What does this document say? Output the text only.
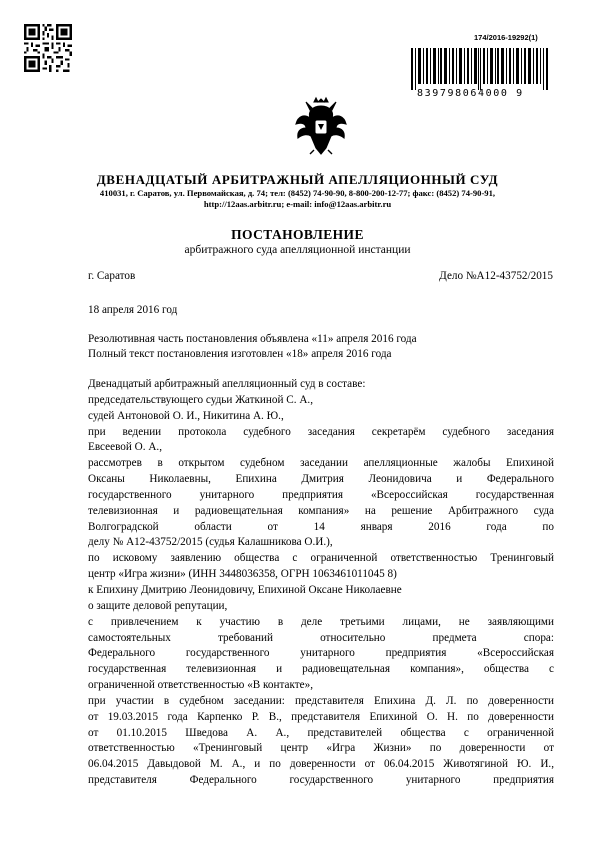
174/2016-19292(1)
839798064000 9
ДВЕНАДЦАТЫЙ АРБИТРАЖНЫЙ АПЕЛЛЯЦИОННЫЙ СУД
410031, г. Саратов, ул. Первомайская, д. 74; тел: (8452) 74-90-90, 8-800-200-12-77; факс: (8452) 74-90-91,
http://12aas.arbitr.ru; e-mail: info@12aas.arbitr.ru
ПОСТАНОВЛЕНИЕ
арбитражного суда апелляционной инстанции
г. Саратов	Дело №А12-43752/2015
18 апреля 2016 год
Резолютивная часть постановления объявлена «11» апреля 2016 года
Полный текст постановления изготовлен «18» апреля 2016 года
Двенадцатый арбитражный апелляционный суд в составе:
председательствующего судьи Жаткиной С. А.,
судей Антоновой О. И., Никитина А. Ю.,
при ведении протокола судебного заседания секретарём судебного заседания
Евсеевой О. А.,
рассмотрев в открытом судебном заседании апелляционные жалобы Епихиной
Оксаны Николаевны, Епихина Дмитрия Леонидовича и Федерального
государственного унитарного предприятия «Всероссийская государственная
телевизионная и радиовещательная компания» на решение Арбитражного суда
Волгоградской области от 14 января 2016 года по
делу № А12-43752/2015 (судья Калашникова О.И.),
по исковому заявлению общества с ограниченной ответственностью Тренинговый
центр «Игра жизни» (ИНН 3448036358, ОГРН 1063461011045 8)
к Епихину Дмитрию Леонидовичу, Епихиной Оксане Николаевне
о защите деловой репутации,
с привлечением к участию в деле третьими лицами, не заявляющими
самостоятельных требований относительно предмета спора:
Федерального государственного унитарного предприятия «Всероссийская
государственная телевизионная и радиовещательная компания», общества с
ограниченной ответственностью «В контакте»,
при участии в судебном заседании: представителя Епихина Д. Л. по доверенности
от 19.03.2015 года Карпенко Р. В., представителя Епихиной О. Н. по доверенности
от 01.10.2015 Шведова А. А., представителей общества с ограниченной
ответственностью «Тренинговый центр «Игра Жизни» по доверенности от
06.04.2015 Давыдовой М. А., и по доверенности от 06.04.2015 Животягиной Ю. И.,
представителя Федерального государственного унитарного предприятия
